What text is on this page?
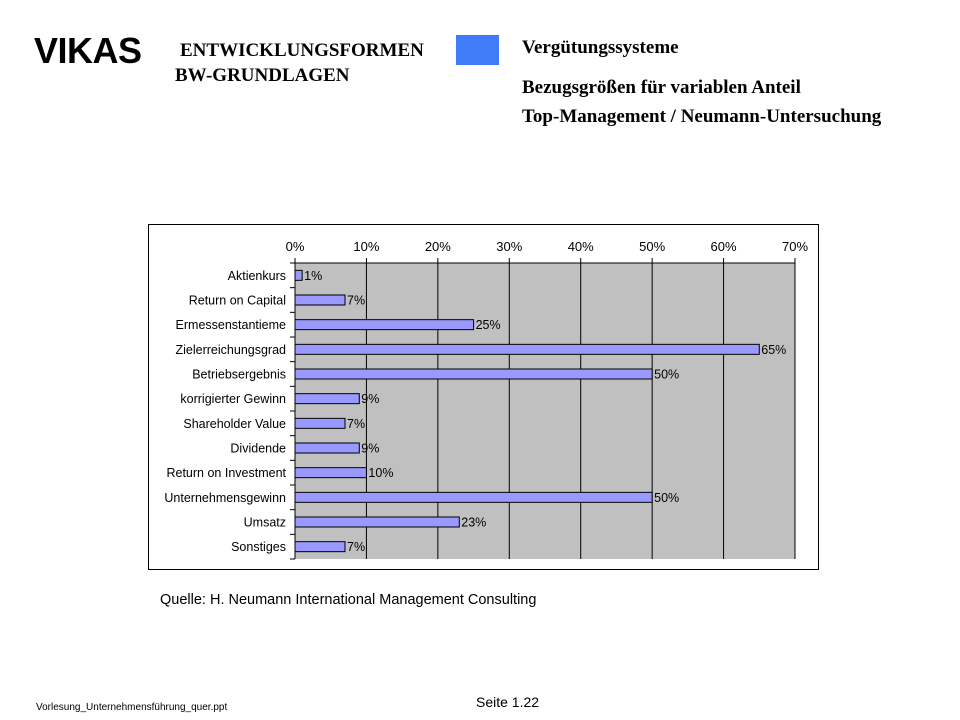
VIKAS ENTWICKLUNGSFORMEN
BW-GRUNDLAGEN
Vergütungssysteme
Bezugsgrößen für variablen Anteil
Top-Management / Neumann-Untersuchung
0%	10%	20%	30%	40%	50%	60%	70%
Aktienkurs 1%
Return on Capital	7%
Ermessenstantieme	25%
Zielerreichungsgrad	65%
Betriebsergebnis	50%
korrigierter Gewinn	9%
Shareholder Value	7%
Dividende	9%
Return on Investment	10%
Unternehmensgewinn	50%
Umsatz	23%
Sonstiges	7%
Quelle: H. Neumann International Management Consulting
Vorlesung_Unternehmensführung_quer.ppt	Seite 1.22
